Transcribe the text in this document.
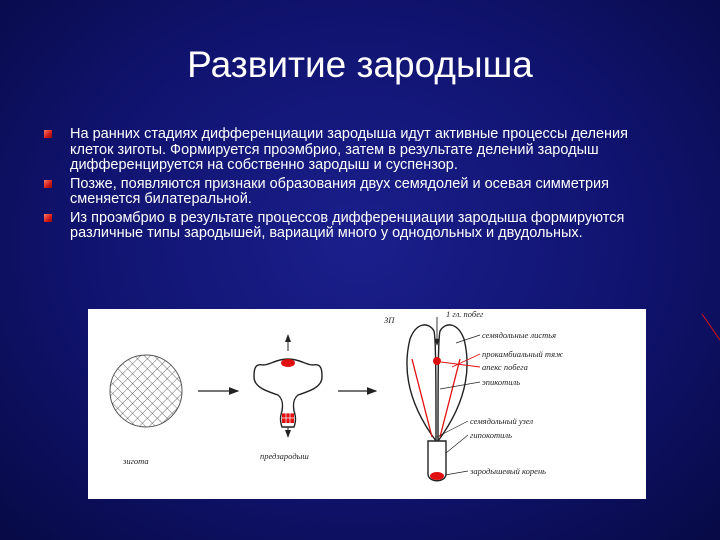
Развитие зародыша
На ранних стадиях дифференциации зародыша идут активные процессы деления клеток зиготы. Формируется проэмбрио, затем в результате делений зародыш дифференцируется на собственно зародыш и суспензор.
Позже, появляются признаки образования двух семядолей и осевая симметрия сменяется билатеральной.
Из проэмбрио в результате процессов дифференциации зародыша формируются различные типы зародышей, вариаций много у однодольных и двудольных.
зигота	предзародыш
ЗП
1 гл. побег
семядольные листья
прокамбиальный тяж
апекс побега
эпикотиль
семядольный узел
гипокотиль
зародышевый корень
